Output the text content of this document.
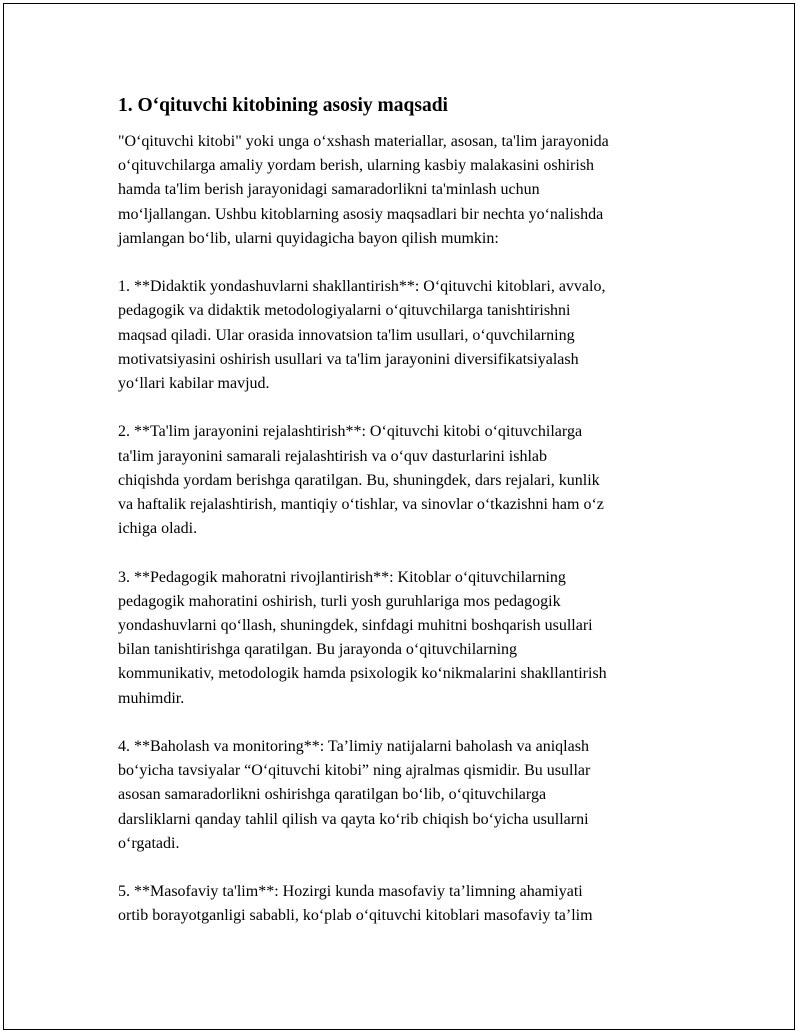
1. O‘qituvchi kitobining asosiy maqsadi
"O‘qituvchi kitobi" yoki unga o‘xshash materiallar, asosan, ta'lim jarayonida
o‘qituvchilarga amaliy yordam berish, ularning kasbiy malakasini oshirish
hamda ta'lim berish jarayonidagi samaradorlikni ta'minlash uchun
mo‘ljallangan. Ushbu kitoblarning asosiy maqsadlari bir nechta yo‘nalishda
jamlangan bo‘lib, ularni quyidagicha bayon qilish mumkin:
1. **Didaktik yondashuvlarni shakllantirish**: O‘qituvchi kitoblari, avvalo,
pedagogik va didaktik metodologiyalarni o‘qituvchilarga tanishtirishni
maqsad qiladi. Ular orasida innovatsion ta'lim usullari, o‘quvchilarning
motivatsiyasini oshirish usullari va ta'lim jarayonini diversifikatsiyalash
yo‘llari kabilar mavjud.
2. **Ta'lim jarayonini rejalashtirish**: O‘qituvchi kitobi o‘qituvchilarga
ta'lim jarayonini samarali rejalashtirish va o‘quv dasturlarini ishlab
chiqishda yordam berishga qaratilgan. Bu, shuningdek, dars rejalari, kunlik
va haftalik rejalashtirish, mantiqiy o‘tishlar, va sinovlar o‘tkazishni ham o‘z
ichiga oladi.
3. **Pedagogik mahoratni rivojlantirish**: Kitoblar o‘qituvchilarning
pedagogik mahoratini oshirish, turli yosh guruhlariga mos pedagogik
yondashuvlarni qo‘llash, shuningdek, sinfdagi muhitni boshqarish usullari
bilan tanishtirishga qaratilgan. Bu jarayonda o‘qituvchilarning
kommunikativ, metodologik hamda psixologik ko‘nikmalarini shakllantirish
muhimdir.
4. **Baholash va monitoring**: Ta’limiy natijalarni baholash va aniqlash
bo‘yicha tavsiyalar “O‘qituvchi kitobi” ning ajralmas qismidir. Bu usullar
asosan samaradorlikni oshirishga qaratilgan bo‘lib, o‘qituvchilarga
darsliklarni qanday tahlil qilish va qayta ko‘rib chiqish bo‘yicha usullarni
o‘rgatadi.
5. **Masofaviy ta'lim**: Hozirgi kunda masofaviy ta’limning ahamiyati
ortib borayotganligi sababli, ko‘plab o‘qituvchi kitoblari masofaviy ta’lim
